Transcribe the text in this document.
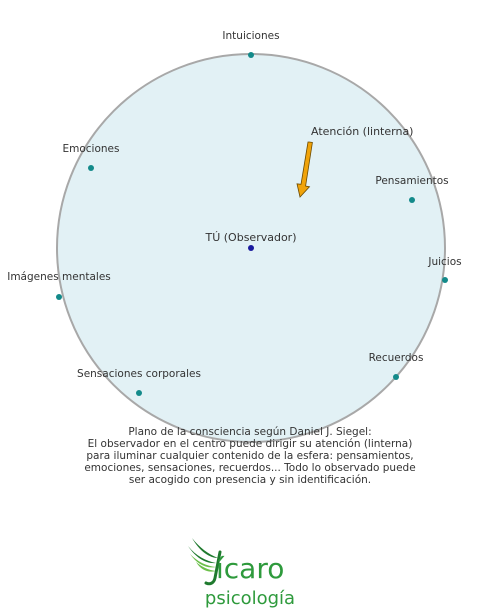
Atención (linterna)
TÚ (Observador)
Intuiciones
Emociones
Pensamientos
Imágenes mentales
Juicios
Sensaciones corporales
Recuerdos
Plano de la consciencia según Daniel J. Siegel:
El observador en el centro puede dirigir su atención (linterna)
para iluminar cualquier contenido de la esfera: pensamientos,
emociones, sensaciones, recuerdos... Todo lo observado puede
ser acogido con presencia y sin identificación.
ícaro
psicología
